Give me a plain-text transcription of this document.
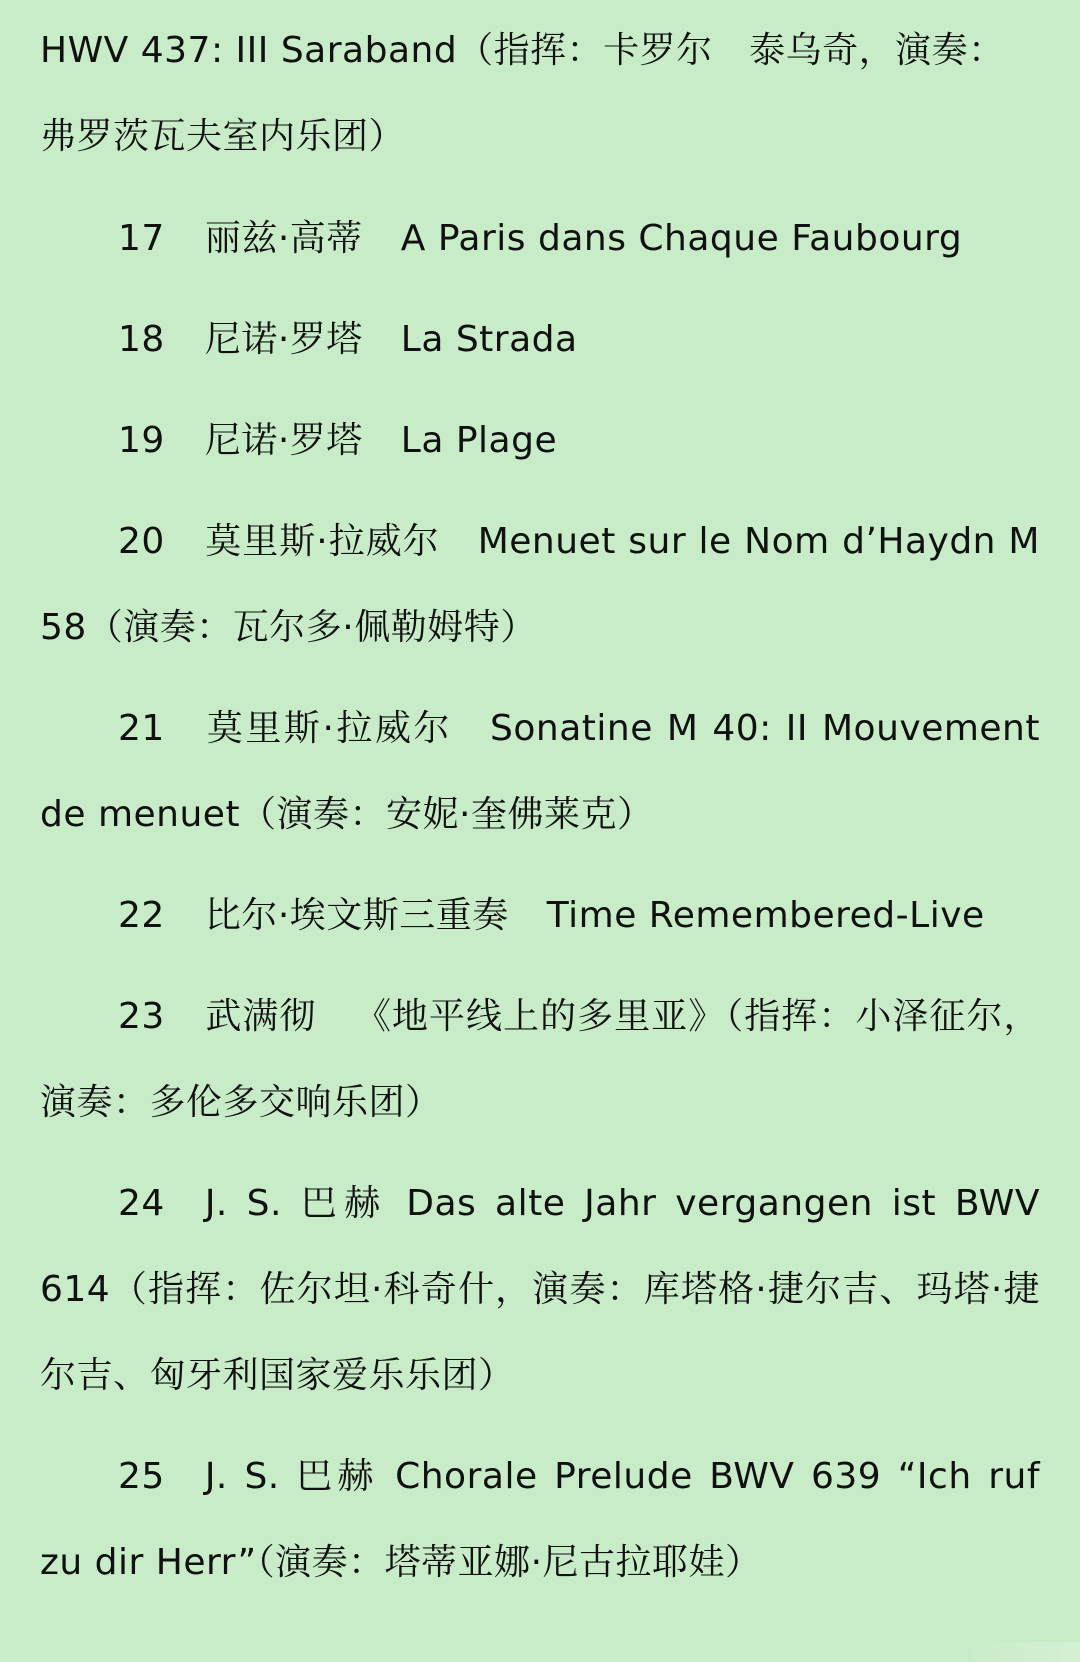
HWV 437: III Saraband（指挥：卡罗尔　泰乌奇，演奏：
弗罗茨瓦夫室内乐团）

17 丽兹·高蒂 A Paris dans Chaque Faubourg

18 尼诺·罗塔 La Strada

19 尼诺·罗塔 La Plage

20 莫里斯·拉威尔 Menuet sur le Nom d’Haydn M 58（演奏：瓦尔多·佩勒姆特）

21 莫里斯·拉威尔 Sonatine M 40: II Mouvement de menuet（演奏：安妮·奎佛莱克）

22 比尔·埃文斯三重奏 Time Remembered-Live

23 武满彻 《地平线上的多里亚》（指挥：小泽征尔，演奏：多伦多交响乐团）

24 J. S. 巴赫 Das alte Jahr vergangen ist BWV 614（指挥：佐尔坦·科奇什，演奏：库塔格·捷尔吉、玛塔·捷尔吉、匈牙利国家爱乐乐团）

25 J. S. 巴赫 Chorale Prelude BWV 639 “Ich ruf zu dir Herr”（演奏：塔蒂亚娜·尼古拉耶娃）
